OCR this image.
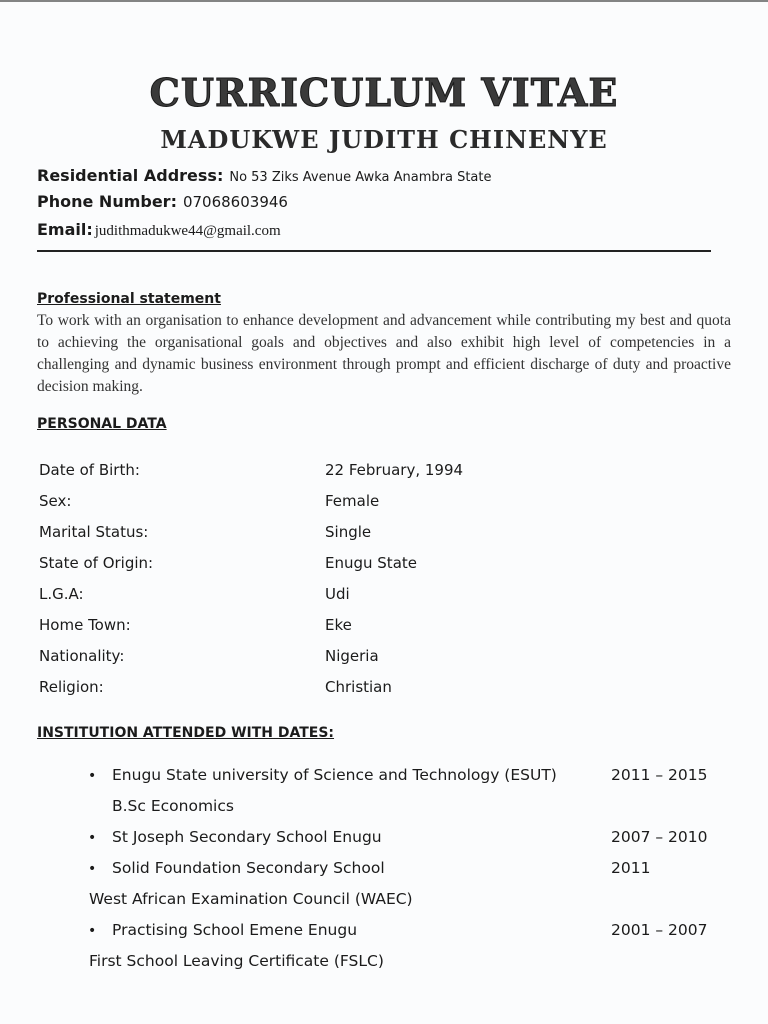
CURRICULUM VITAE
MADUKWE JUDITH CHINENYE
Residential Address: No 53 Ziks Avenue Awka Anambra State
Phone Number: 07068603946
Email: judithmadukwe44@gmail.com
Professional statement
To work with an organisation to enhance development and advancement while contributing my best and quota to achieving the organisational goals and objectives and also exhibit high level of competencies in a challenging and dynamic business environment through prompt and efficient discharge of duty and proactive decision making.
PERSONAL DATA
Date of Birth:	22 February, 1994
Sex:	Female
Marital Status:	Single
State of Origin:	Enugu State
L.G.A:	Udi
Home Town:	Eke
Nationality:	Nigeria
Religion:	Christian
INSTITUTION ATTENDED WITH DATES:
• Enugu State university of Science and Technology (ESUT)	2011 – 2015
B.Sc Economics
• St Joseph Secondary School Enugu	2007 – 2010
• Solid Foundation Secondary School	2011
West African Examination Council (WAEC)
• Practising School Emene Enugu	2001 – 2007
First School Leaving Certificate (FSLC)
